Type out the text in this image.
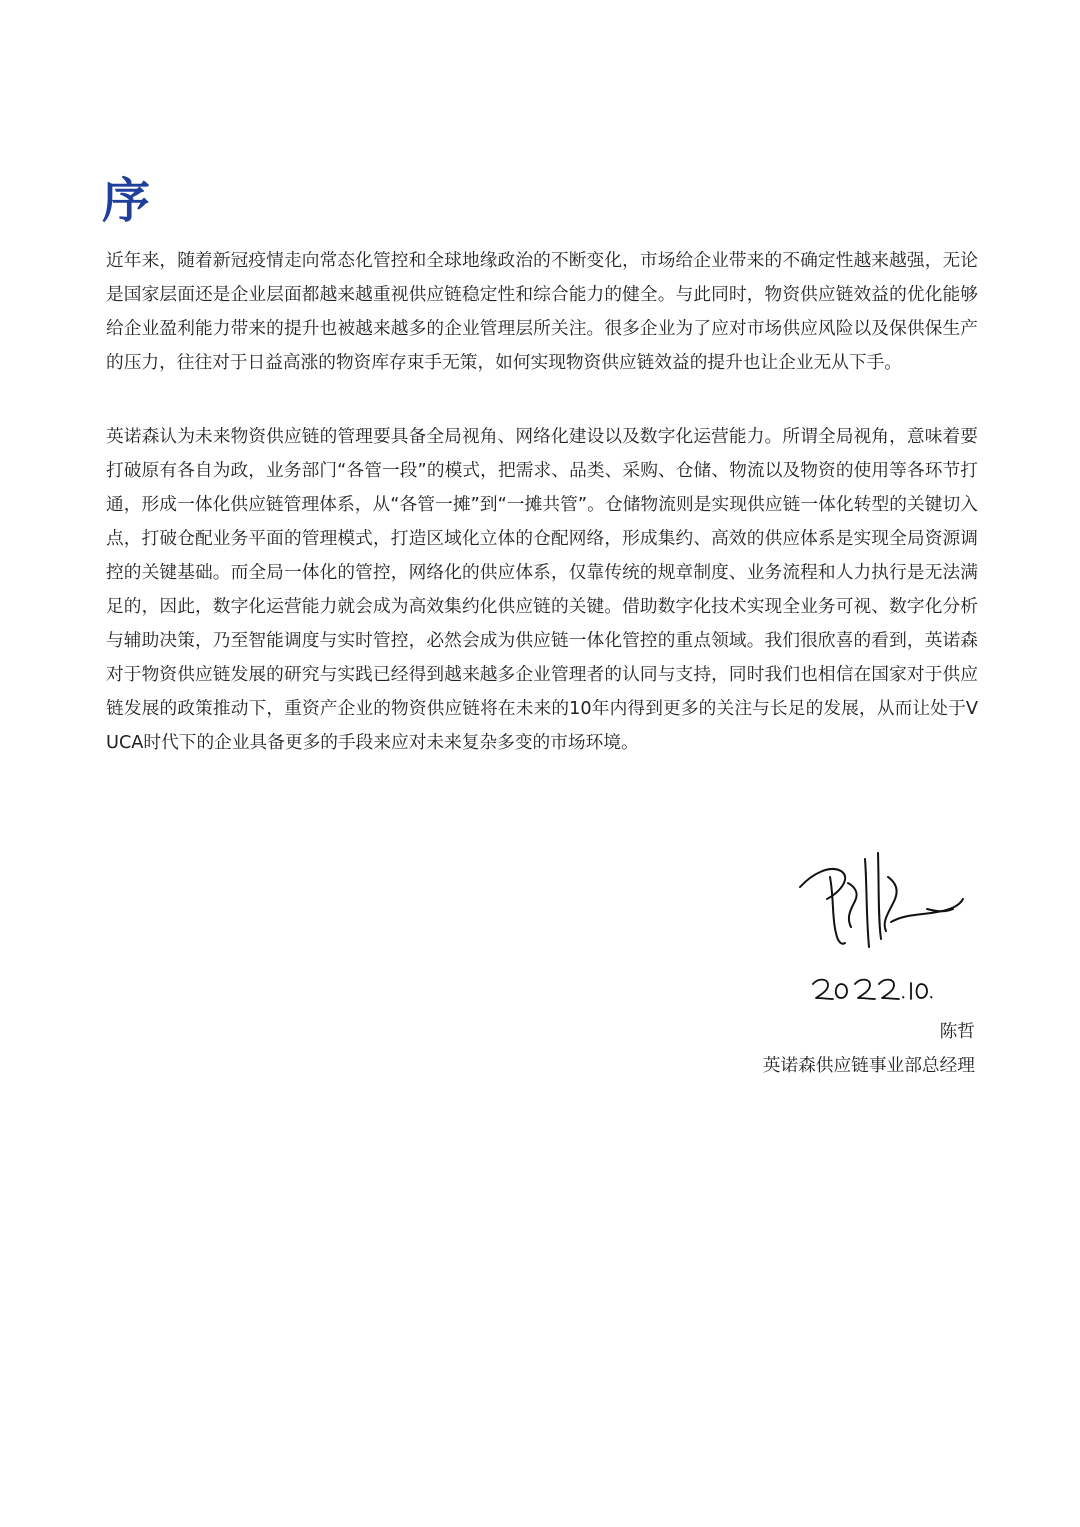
序

近年来，随着新冠疫情走向常态化管控和全球地缘政治的不断变化，市场给企业带来的不确定性越来越强，无论是国家层面还是企业层面都越来越重视供应链稳定性和综合能力的健全。与此同时，物资供应链效益的优化能够给企业盈利能力带来的提升也被越来越多的企业管理层所关注。很多企业为了应对市场供应风险以及保供保生产的压力，往往对于日益高涨的物资库存束手无策，如何实现物资供应链效益的提升也让企业无从下手。

英诺森认为未来物资供应链的管理要具备全局视角、网络化建设以及数字化运营能力。所谓全局视角，意味着要打破原有各自为政，业务部门“各管一段”的模式，把需求、品类、采购、仓储、物流以及物资的使用等各环节打通，形成一体化供应链管理体系，从“各管一摊”到“一摊共管”。仓储物流则是实现供应链一体化转型的关键切入点，打破仓配业务平面的管理模式，打造区域化立体的仓配网络，形成集约、高效的供应体系是实现全局资源调控的关键基础。而全局一体化的管控，网络化的供应体系，仅靠传统的规章制度、业务流程和人力执行是无法满足的，因此，数字化运营能力就会成为高效集约化供应链的关键。借助数字化技术实现全业务可视、数字化分析与辅助决策，乃至智能调度与实时管控，必然会成为供应链一体化管控的重点领域。我们很欣喜的看到，英诺森对于物资供应链发展的研究与实践已经得到越来越多企业管理者的认同与支持，同时我们也相信在国家对于供应链发展的政策推动下，重资产企业的物资供应链将在未来的10年内得到更多的关注与长足的发展，从而让处于VUCA时代下的企业具备更多的手段来应对未来复杂多变的市场环境。

陈哲
英诺森供应链事业部总经理
